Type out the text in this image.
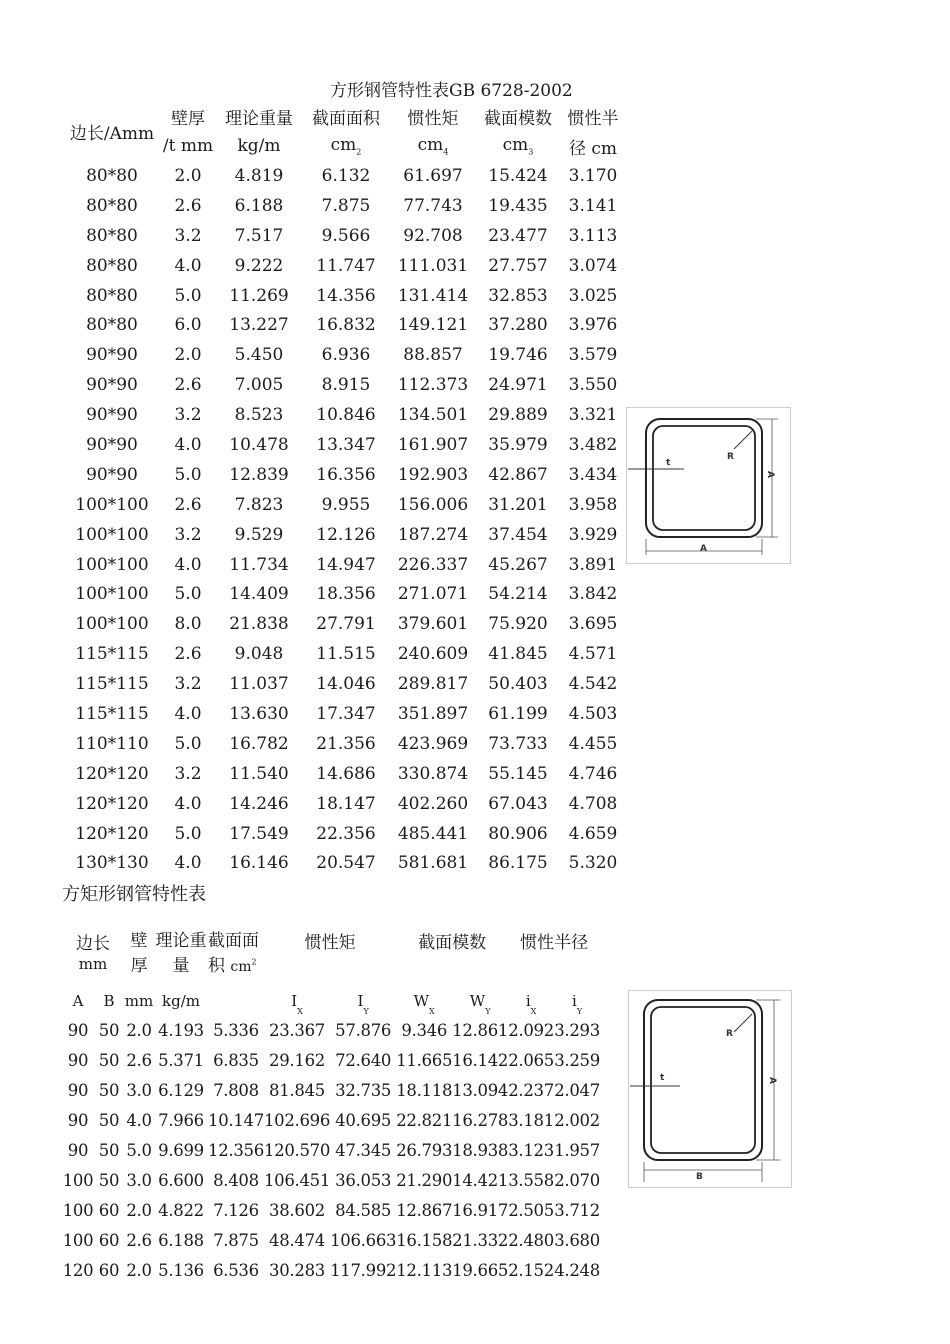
方形钢管特性表GB 6728-2002
边长/Amm	壁厚	理论重量	截面面积	惯性矩	截面模数	惯性半
	/t mm	kg/m	$cm_2$	$cm_4$	$cm_3$	径 cm
80*80	2.0	4.819	6.132	61.697	15.424	3.170
80*80	2.6	6.188	7.875	77.743	19.435	3.141
80*80	3.2	7.517	9.566	92.708	23.477	3.113
80*80	4.0	9.222	11.747	111.031	27.757	3.074
80*80	5.0	11.269	14.356	131.414	32.853	3.025
80*80	6.0	13.227	16.832	149.121	37.280	3.976
90*90	2.0	5.450	6.936	88.857	19.746	3.579
90*90	2.6	7.005	8.915	112.373	24.971	3.550
90*90	3.2	8.523	10.846	134.501	29.889	3.321
90*90	4.0	10.478	13.347	161.907	35.979	3.482
90*90	5.0	12.839	16.356	192.903	42.867	3.434
100*100	2.6	7.823	9.955	156.006	31.201	3.958
100*100	3.2	9.529	12.126	187.274	37.454	3.929
100*100	4.0	11.734	14.947	226.337	45.267	3.891
100*100	5.0	14.409	18.356	271.071	54.214	3.842
100*100	8.0	21.838	27.791	379.601	75.920	3.695
115*115	2.6	9.048	11.515	240.609	41.845	4.571
115*115	3.2	11.037	14.046	289.817	50.403	4.542
115*115	4.0	13.630	17.347	351.897	61.199	4.503
110*110	5.0	16.782	21.356	423.969	73.733	4.455
120*120	3.2	11.540	14.686	330.874	55.145	4.746
120*120	4.0	14.246	18.147	402.260	67.043	4.708
120*120	5.0	17.549	22.356	485.441	80.906	4.659
130*130	4.0	16.146	20.547	581.681	86.175	5.320
t
R
A
A
方矩形钢管特性表
边长
mm		壁
厚	理论重
量	截面面
积 $cm^2$	惯性矩		截面模数		惯性半径	
A	B	mm	kg/m		$I_X$	$I_Y$	$W_X$	$W_Y$	$i_X$	$i_Y$
90	50	2.0	4.193	5.336	23.367	57.876	9.346	12.861	2.092	3.293
90	50	2.6	5.371	6.835	29.162	72.640	11.665	16.142	2.065	3.259
90	50	3.0	6.129	7.808	81.845	32.735	18.118	13.094	2.237	2.047
90	50	4.0	7.966	10.147	102.696	40.695	22.821	16.278	3.181	2.002
90	50	5.0	9.699	12.356	120.570	47.345	26.793	18.938	3.123	1.957
100	50	3.0	6.600	8.408	106.451	36.053	21.290	14.421	3.558	2.070
100	60	2.0	4.822	7.126	38.602	84.585	12.867	16.917	2.505	3.712
100	60	2.6	6.188	7.875	48.474	106.663	16.158	21.332	2.480	3.680
120	60	2.0	5.136	6.536	30.283	117.992	12.113	19.665	2.152	4.248
t
R
A
B
